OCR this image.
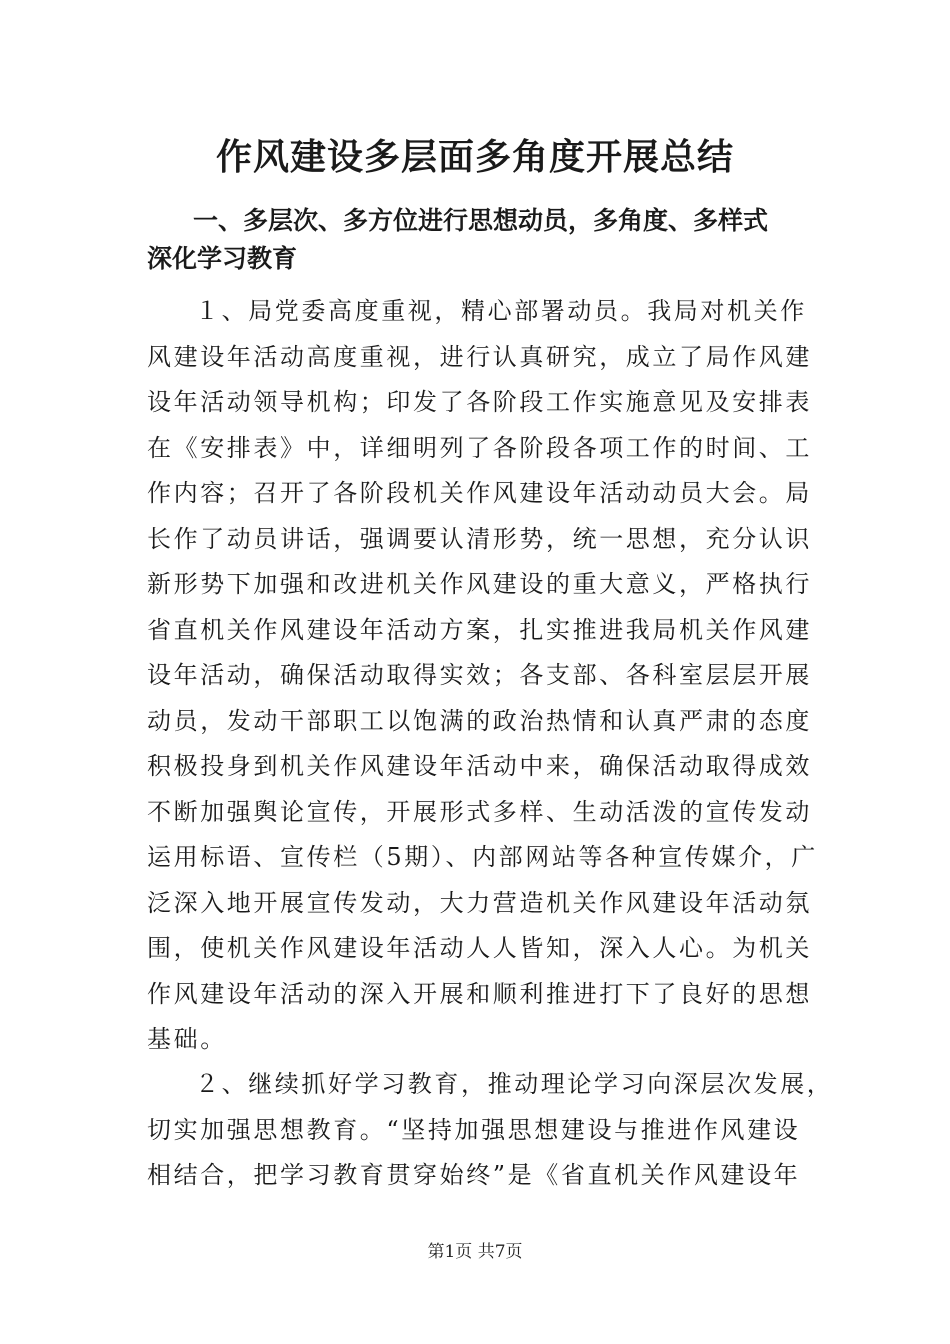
作风建设多层面多角度开展总结
一、多层次、多方位进行思想动员，多角度、多样式
深化学习教育
１、局党委高度重视，精心部署动员。我局对机关作
风建设年活动高度重视，进行认真研究，成立了局作风建
设年活动领导机构；印发了各阶段工作实施意见及安排表
在《安排表》中，详细明列了各阶段各项工作的时间、工
作内容；召开了各阶段机关作风建设年活动动员大会。局
长作了动员讲话，强调要认清形势，统一思想，充分认识
新形势下加强和改进机关作风建设的重大意义，严格执行
省直机关作风建设年活动方案，扎实推进我局机关作风建
设年活动，确保活动取得实效；各支部、各科室层层开展
动员，发动干部职工以饱满的政治热情和认真严肃的态度
积极投身到机关作风建设年活动中来，确保活动取得成效
不断加强舆论宣传，开展形式多样、生动活泼的宣传发动
运用标语、宣传栏（5期）、内部网站等各种宣传媒介，广
泛深入地开展宣传发动，大力营造机关作风建设年活动氛
围，使机关作风建设年活动人人皆知，深入人心。为机关
作风建设年活动的深入开展和顺利推进打下了良好的思想
基础。
２、继续抓好学习教育，推动理论学习向深层次发展，
切实加强思想教育。“坚持加强思想建设与推进作风建设
相结合，把学习教育贯穿始终”是《省直机关作风建设年
第1页 共7页
